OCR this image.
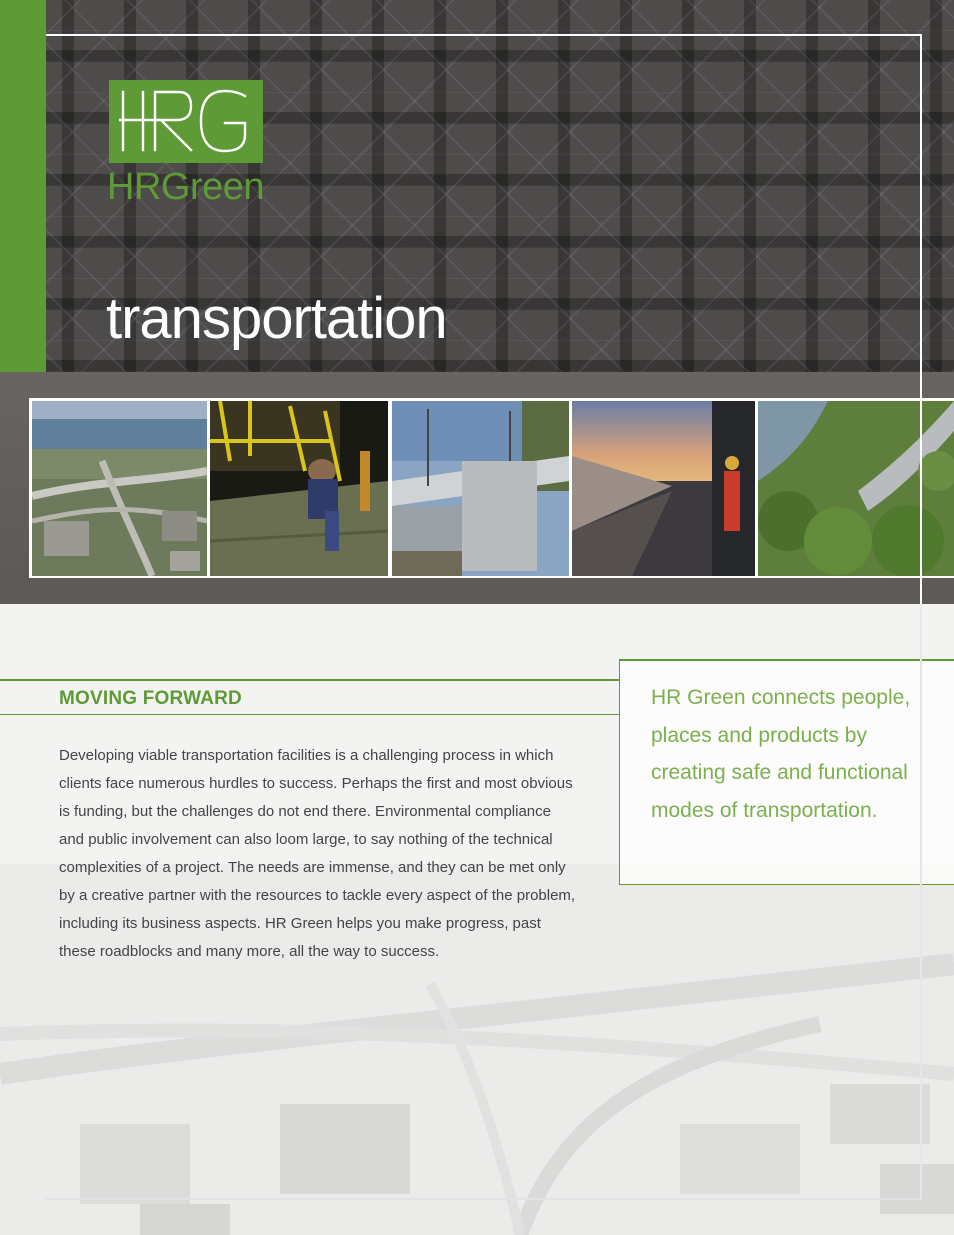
HRGreen
transportation
MOVING FORWARD

Developing viable transportation facilities is a challenging process in which clients face numerous hurdles to success. Perhaps the first and most obvious is funding, but the challenges do not end there. Environmental compliance and public involvement can also loom large, to say nothing of the technical complexities of a project. The needs are immense, and they can be met only by a creative partner with the resources to tackle every aspect of the problem, including its business aspects. HR Green helps you make progress, past these roadblocks and many more, all the way to success.

HR Green connects people, places and products by creating safe and functional modes of transportation.
